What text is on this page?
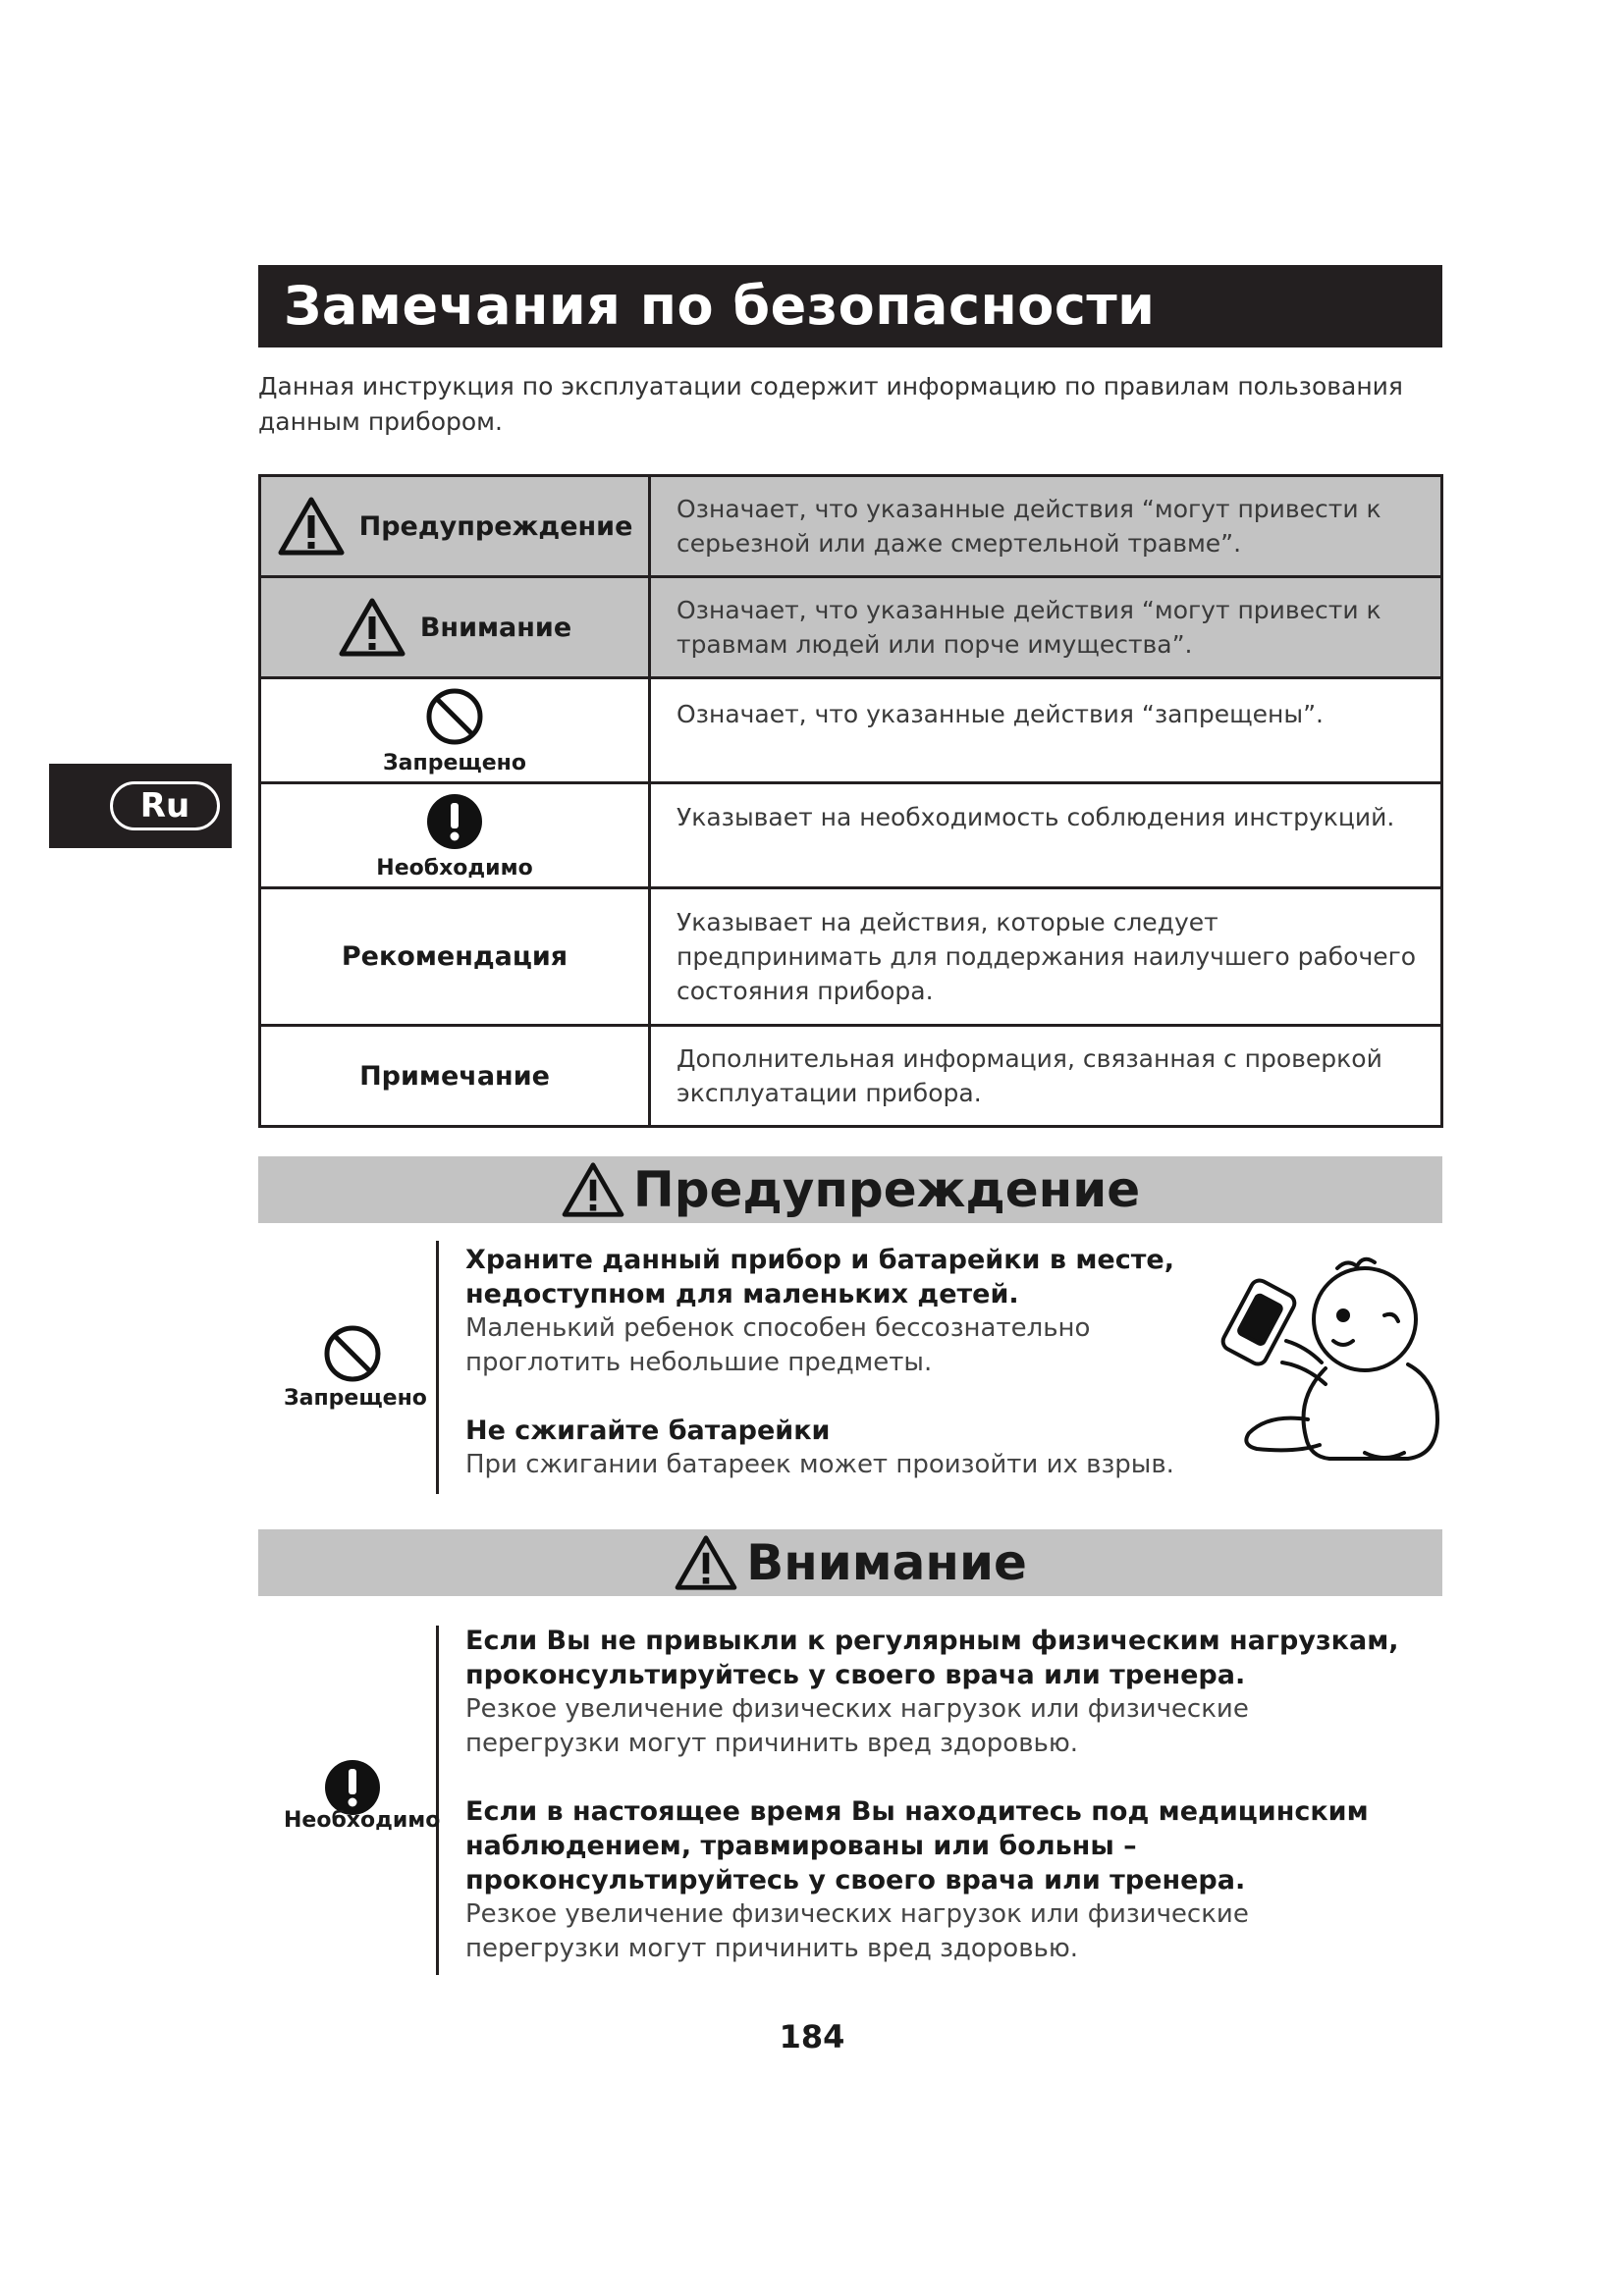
Замечания по безопасности
Данная инструкция по эксплуатации содержит информацию по правилам пользования данным прибором.
Ru
Предупреждение	Означает, что указанные действия “могут привести к серьезной или даже смертельной травме”.

Внимание	Означает, что указанные действия “могут привести к травмам людей или порче имущества”.

Запрещено	Означает, что указанные действия “запрещены”.

Необходимо	Указывает на необходимость соблюдения инструкций.
Рекомендация	Указывает на действия, которые следует предпринимать для поддержания наилучшего рабочего состояния прибора.
Примечание	Дополнительная информация, связанная с проверкой эксплуатации прибора.
Предупреждение
Запрещено
Храните данный прибор и батарейки в месте, недоступном для маленьких детей.
Маленький ребенок способен бессознательно проглотить небольшие предметы.
Не сжигайте батарейки
При сжигании батареек может произойти их взрыв.
Внимание
Необходимо
Если Вы не привыкли к регулярным физическим нагрузкам, проконсультируйтесь у своего врача или тренера.
Резкое увеличение физических нагрузок или физические перегрузки могут причинить вред здоровью.
Если в настоящее время Вы находитесь под медицинским наблюдением, травмированы или больны – проконсультируйтесь у своего врача или тренера.
Резкое увеличение физических нагрузок или физические перегрузки могут причинить вред здоровью.
184
